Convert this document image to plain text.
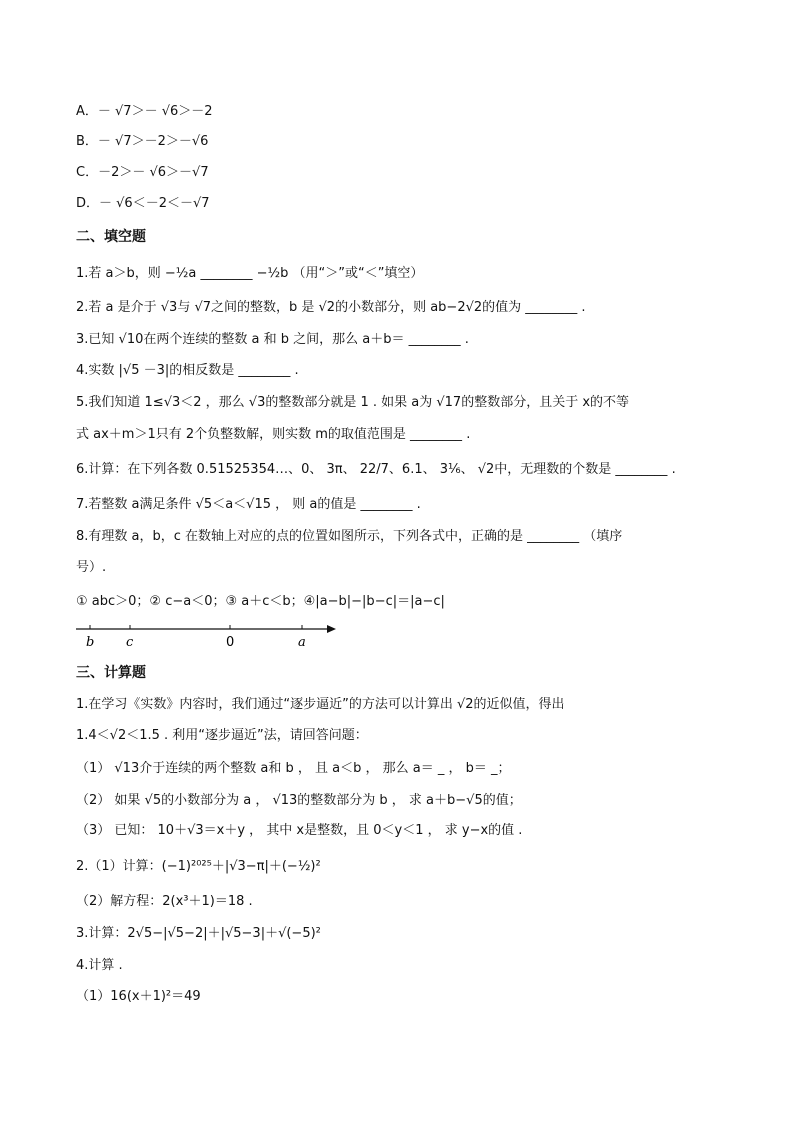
A．－ √7＞－ √6＞－2
B．－ √7＞－2＞－√6
C．－2＞－ √6＞－√7
D．－ √6＜－2＜－√7
二、填空题
1.若 a＞b，则 −½a ________ −½b （用“＞”或“＜”填空）
2.若 a 是介于 √3与 √7之间的整数，b 是 √2的小数部分，则 ab−2√2的值为 ________ .
3.已知 √10在两个连续的整数 a 和 b 之间，那么 a＋b＝ ________ .
4.实数 |√5 －3|的相反数是 ________ .
5.我们知道 1≤√3＜2 ，那么 √3的整数部分就是 1 . 如果 a为 √17的整数部分，且关于 x的不等
式 ax＋m＞1只有 2个负整数解，则实数 m的取值范围是 ________ .
6.计算：在下列各数 0.51525354…、0、 3π、 22/7、6.1、 3⅙、 √2中，无理数的个数是 ________ .
7.若整数 a满足条件 √5＜a＜√15 ， 则 a的值是 ________ .
8.有理数 a，b，c 在数轴上对应的点的位置如图所示，下列各式中，正确的是 ________ （填序
号）.
① abc＞0；② c−a＜0；③ a＋c＜b；④|a−b|−|b−c|＝|a−c|
b c	0	a
三、计算题
1.在学习《实数》内容时，我们通过“逐步逼近”的方法可以计算出 √2的近似值，得出
1.4＜√2＜1.5 . 利用“逐步逼近”法，请回答问题：
（1） √13介于连续的两个整数 a和 b ， 且 a＜b ， 那么 a＝ _ ， b＝ _；
（2） 如果 √5的小数部分为 a ， √13的整数部分为 b ， 求 a＋b−√5的值；
（3） 已知： 10＋√3＝x＋y ， 其中 x是整数，且 0＜y＜1 ， 求 y−x的值 .
2.（1）计算：(−1)²⁰²⁵＋|√3−π|＋(−½)²
（2）解方程：2(x³＋1)＝18 .
3.计算：2√5−|√5−2|＋|√5−3|＋√(−5)²
4.计算 .
（1）16(x＋1)²＝49
